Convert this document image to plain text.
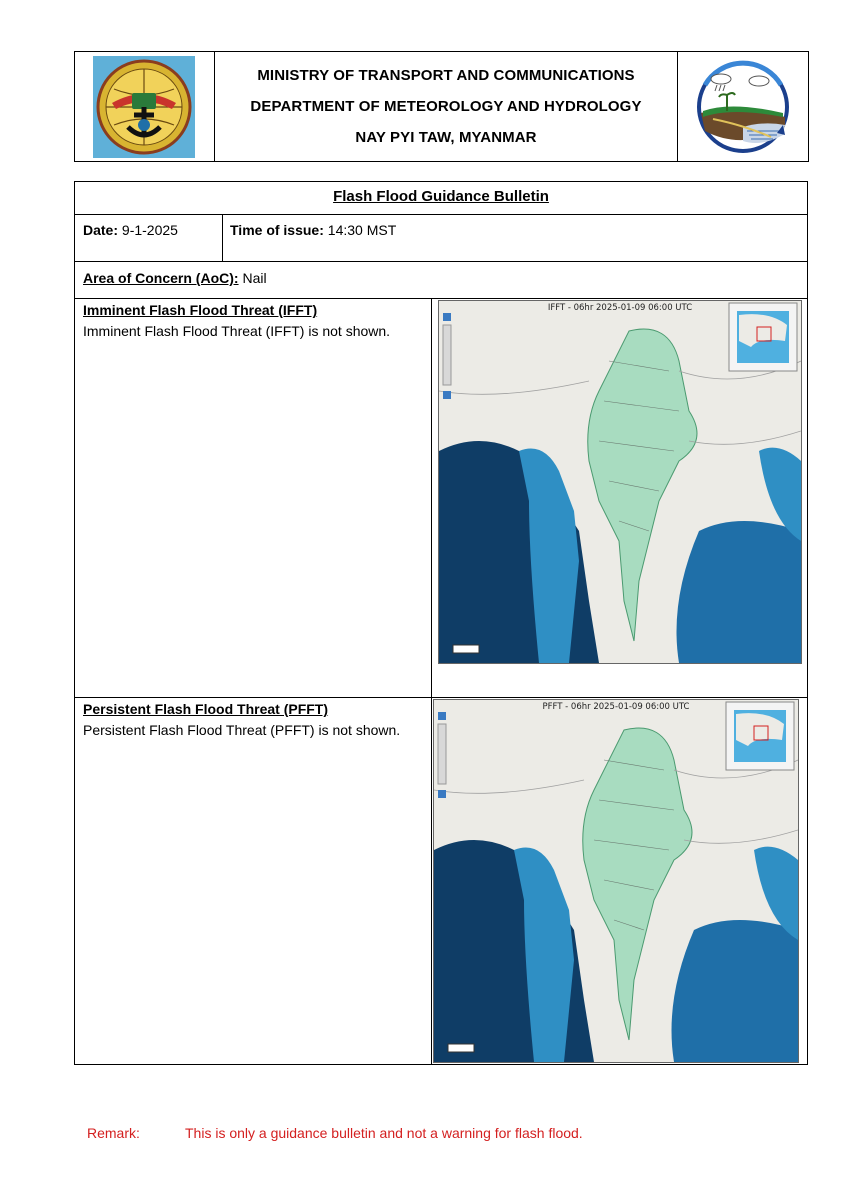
MINISTRY OF TRANSPORT AND COMMUNICATIONS
DEPARTMENT OF METEOROLOGY AND HYDROLOGY
NAY PYI TAW, MYANMAR
Flash Flood Guidance Bulletin
Date: 9-1-2025	Time of issue: 14:30 MST
Area of Concern (AoC): Nail
Imminent Flash Flood Threat (IFFT)
Imminent Flash Flood Threat (IFFT) is not shown.
IFFT - 06hr 2025-01-09 06:00 UTC
Persistent Flash Flood Threat (PFFT)
Persistent Flash Flood Threat (PFFT) is not shown.
PFFT - 06hr 2025-01-09 06:00 UTC
Remark:	This is only a guidance bulletin and not a warning for flash flood.
